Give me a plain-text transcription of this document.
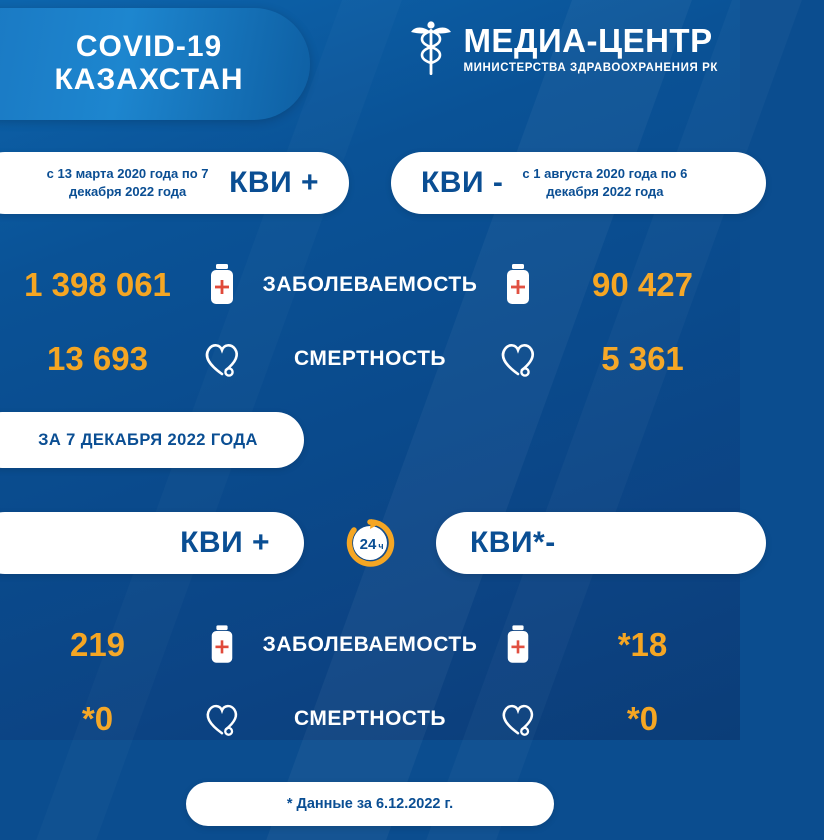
COVID-19
КАЗАХСТАН
МЕДИА-ЦЕНТР
МИНИСТЕРСТВА ЗДРАВООХРАНЕНИЯ РК
с 13 марта 2020 года по 7 декабря 2022 года	КВИ +	КВИ -	с 1 августа 2020 года по 6 декабря 2022 года
1 398 061	ЗАБОЛЕВАЕМОСТЬ	90 427
13 693	СМЕРТНОСТЬ	5 361
ЗА 7 ДЕКАБРЯ 2022 ГОДА
КВИ +	24 ч	КВИ*-
219	ЗАБОЛЕВАЕМОСТЬ	*18
*0	СМЕРТНОСТЬ	*0
* Данные за 6.12.2022 г.
